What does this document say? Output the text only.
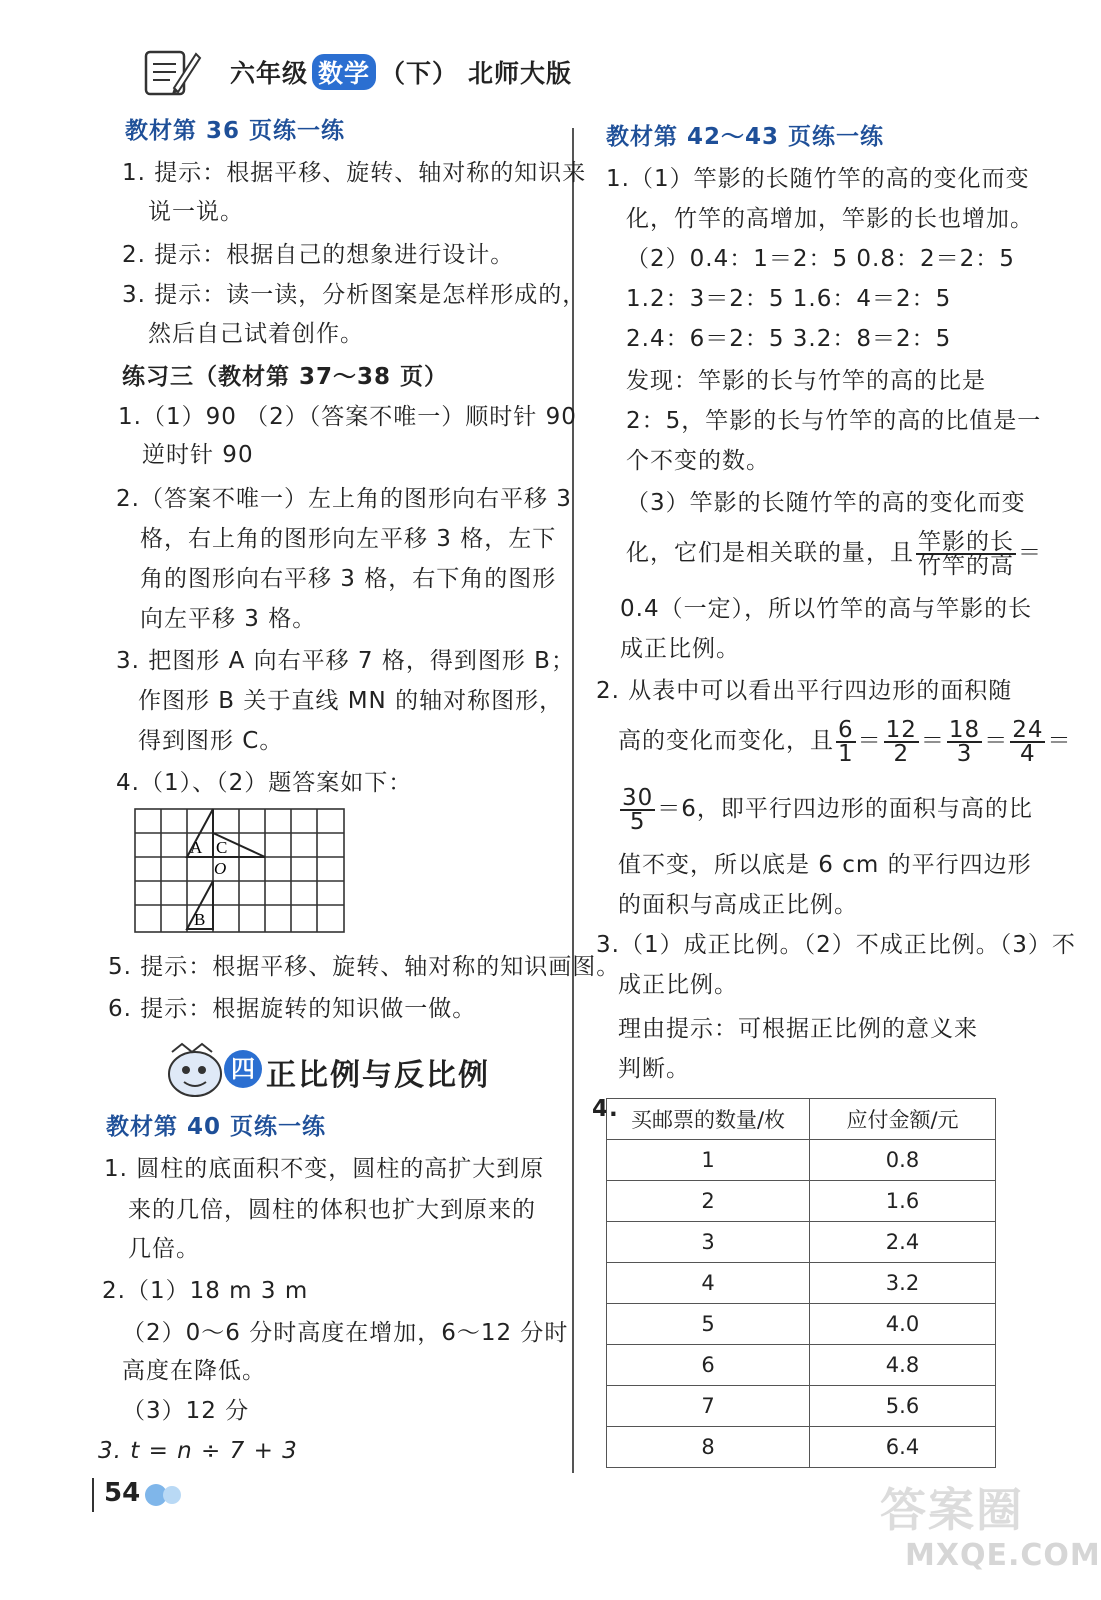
六年级 数学 （下） 北师大版
教材第 36 页练一练
1. 提示：根据平移、旋转、轴对称的知识来
说一说。
2. 提示：根据自己的想象进行设计。
3. 提示：读一读，分析图案是怎样形成的，
然后自己试着创作。
练习三（教材第 37～38 页）
1.（1）90 （2）（答案不唯一）顺时针 90
逆时针 90
2.（答案不唯一）左上角的图形向右平移 3
格，右上角的图形向左平移 3 格，左下
角的图形向右平移 3 格，右下角的图形
向左平移 3 格。
3. 把图形 A 向右平移 7 格，得到图形 B；
作图形 B 关于直线 MN 的轴对称图形，
得到图形 C。
4.（1）、（2）题答案如下：
A C
O
B
5. 提示：根据平移、旋转、轴对称的知识画图。
6. 提示：根据旋转的知识做一做。
四 正比例与反比例
教材第 40 页练一练
1. 圆柱的底面积不变，圆柱的高扩大到原
来的几倍，圆柱的体积也扩大到原来的
几倍。
2.（1）18 m 3 m
（2）0～6 分时高度在增加，6～12 分时
高度在降低。
（3）12 分
3. t = n ÷ 7 + 3
教材第 42～43 页练一练
1.（1）竿影的长随竹竿的高的变化而变
化，竹竿的高增加，竿影的长也增加。
（2）0.4：1＝2：5 0.8：2＝2：5
1.2：3＝2：5 1.6：4＝2：5
2.4：6＝2：5 3.2：8＝2：5
发现：竿影的长与竹竿的高的比是
2：5，竿影的长与竹竿的高的比值是一
个不变的数。
（3）竿影的长随竹竿的高的变化而变
化，它们是相关联的量，且 $\frac{\text{竿影的长}}{\text{竹竿的高}}$ ＝
0.4（一定），所以竹竿的高与竿影的长
成正比例。
2. 从表中可以看出平行四边形的面积随
高的变化而变化，且 $\frac{6}{1} = \frac{12}{2} = \frac{18}{3} = \frac{24}{4}$ ＝
$\frac{30}{5} =6$，即平行四边形的面积与高的比
值不变，所以底是 6 cm 的平行四边形
的面积与高成正比例。
3.（1）成正比例。（2）不成正比例。（3）不
成正比例。
理由提示：可根据正比例的意义来
判断。
4. 买邮票的数量/枚	应付金额/元
1	0.8
2	1.6
3	2.4
4	3.2
5	4.0
6	4.8
7	5.6
8	6.4
54	答案圈
MXQE.COM
